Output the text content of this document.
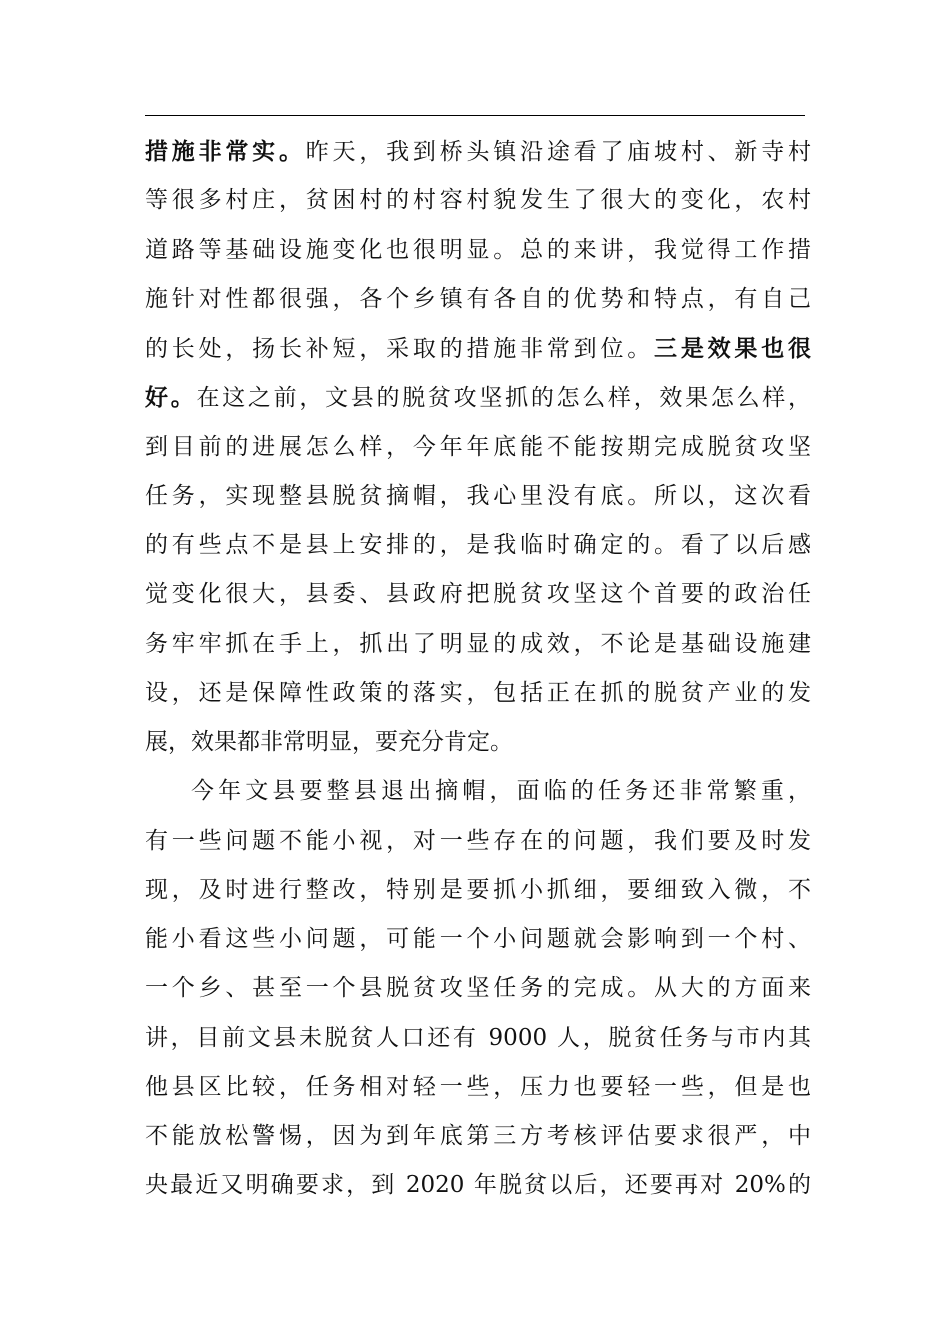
措施非常实。昨天，我到桥头镇沿途看了庙坡村、新寺村
等很多村庄，贫困村的村容村貌发生了很大的变化，农村
道路等基础设施变化也很明显。总的来讲，我觉得工作措
施针对性都很强，各个乡镇有各自的优势和特点，有自己
的长处，扬长补短，采取的措施非常到位。三是效果也很
好。在这之前，文县的脱贫攻坚抓的怎么样，效果怎么样，
到目前的进展怎么样，今年年底能不能按期完成脱贫攻坚
任务，实现整县脱贫摘帽，我心里没有底。所以，这次看
的有些点不是县上安排的，是我临时确定的。看了以后感
觉变化很大，县委、县政府把脱贫攻坚这个首要的政治任
务牢牢抓在手上，抓出了明显的成效，不论是基础设施建
设，还是保障性政策的落实，包括正在抓的脱贫产业的发
展，效果都非常明显，要充分肯定。
今年文县要整县退出摘帽，面临的任务还非常繁重，
有一些问题不能小视，对一些存在的问题，我们要及时发
现，及时进行整改，特别是要抓小抓细，要细致入微，不
能小看这些小问题，可能一个小问题就会影响到一个村、
一个乡、甚至一个县脱贫攻坚任务的完成。从大的方面来
讲，目前文县未脱贫人口还有 9000 人，脱贫任务与市内其
他县区比较，任务相对轻一些，压力也要轻一些，但是也
不能放松警惕，因为到年底第三方考核评估要求很严，中
央最近又明确要求，到 2020 年脱贫以后，还要再对 20%的
